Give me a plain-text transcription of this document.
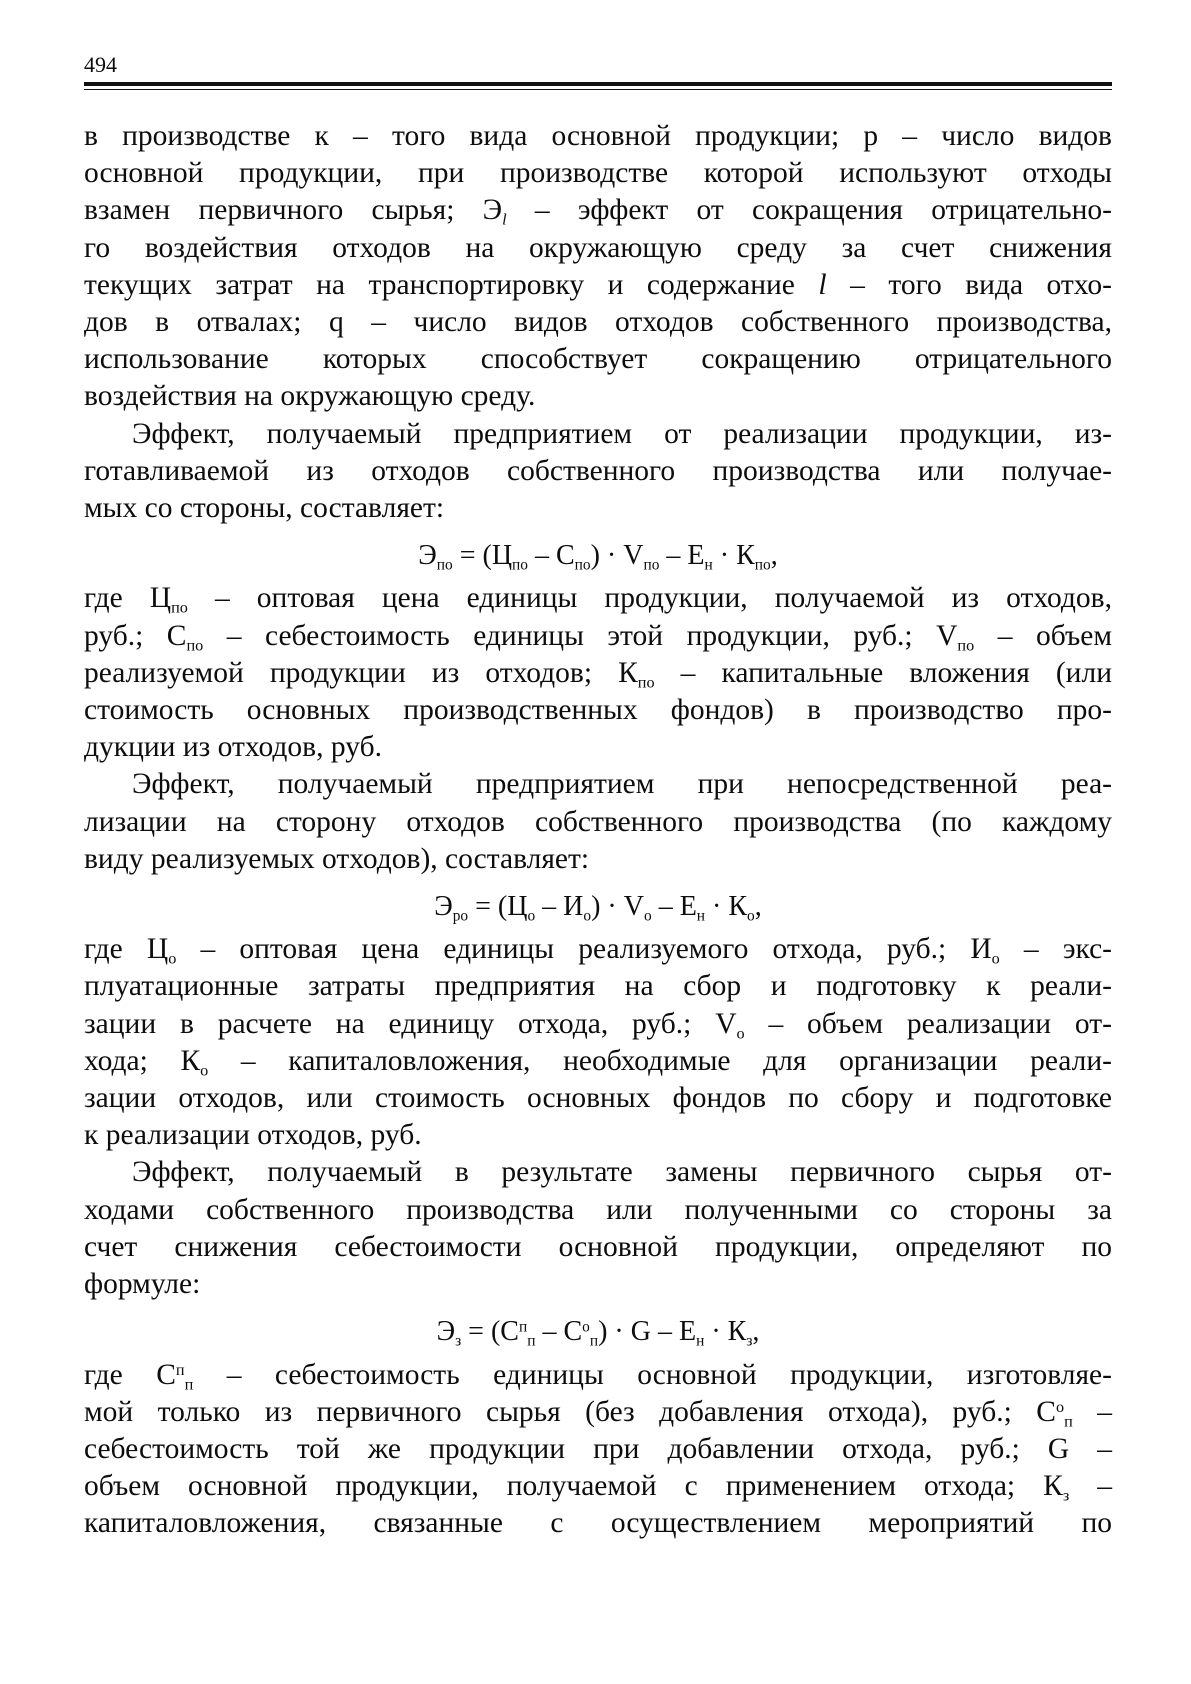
494

в производстве к – того вида основной продукции; р – число видов
основной продукции, при производстве которой используют отходы
взамен первичного сырья; $Э_l$ – эффект от сокращения отрицательно-
го воздействия отходов на окружающую среду за счет снижения
текущих затрат на транспортировку и содержание l – того вида отхо-
дов в отвалах; q – число видов отходов собственного производства,
использование которых способствует сокращению отрицательного
воздействия на окружающую среду.

Эффект, получаемый предприятием от реализации продукции, из-
готавливаемой из отходов собственного производства или получае-
мых со стороны, составляет:

$Э_{по} = (Ц_{по} - С_{по}) \cdot V_{по} - Е_н \cdot К_{по}$,

где $Ц_{по}$ – оптовая цена единицы продукции, получаемой из отходов,
руб.; $С_{по}$ – себестоимость единицы этой продукции, руб.; $V_{по}$ – объем
реализуемой продукции из отходов; $К_{по}$ – капитальные вложения (или
стоимость основных производственных фондов) в производство про-
дукции из отходов, руб.

Эффект, получаемый предприятием при непосредственной реа-
лизации на сторону отходов собственного производства (по каждому
виду реализуемых отходов), составляет:

$Э_{ро} = (Ц_о - И_о) \cdot V_о - Е_н \cdot К_о$,

где $Ц_о$ – оптовая цена единицы реализуемого отхода, руб.; $И_о - экс-$
плуатационные затраты предприятия на сбор и подготовку к реали-
зации в расчете на единицу отхода, руб.; $V_о$ – объем реализации от-
хода; $К_о$ – капиталовложения, необходимые для организации реали-
зации отходов, или стоимость основных фондов по сбору и подготовке
к реализации отходов, руб.

Эффект, получаемый в результате замены первичного сырья от-
ходами собственного производства или полученными со стороны за
счет снижения себестоимости основной продукции, определяют по
формуле:

$Э_з = (С^п_п - С^о_п) \cdot G - Е_н \cdot К_з$,

где $С^п_п$ – себестоимость единицы основной продукции, изготовляе-
мой только из первичного сырья (без добавления отхода), руб.; $С^о_п$ –
себестоимость той же продукции при добавлении отхода, руб.; G –
объем основной продукции, получаемой с применением отхода; $К_з$ –
капиталовложения, связанные с осуществлением мероприятий по
